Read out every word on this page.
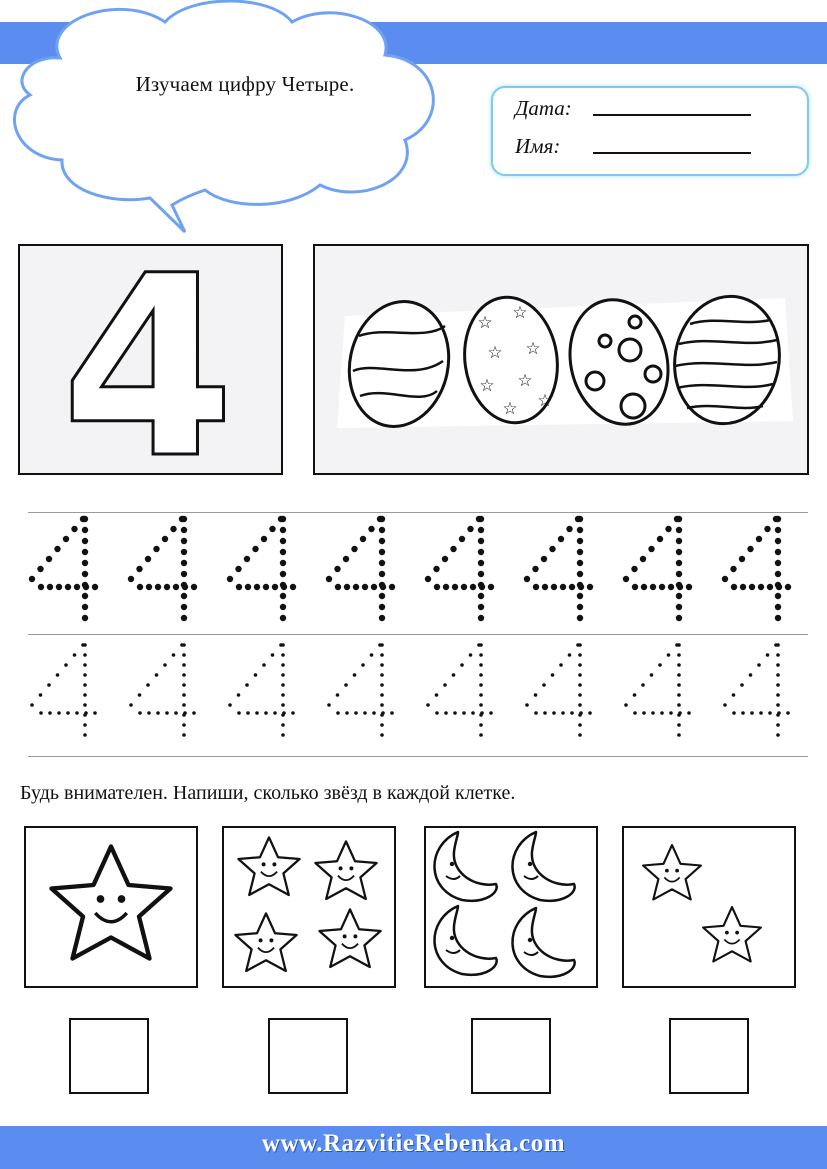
Изучаем цифру Четыре.
Дата:
Имя:
4	☆ ☆
☆ ☆
☆ ☆
☆ ☆
Будь внимателен. Напиши, сколько звёзд в каждой клетке.
www.RazvitieRebenka.com
